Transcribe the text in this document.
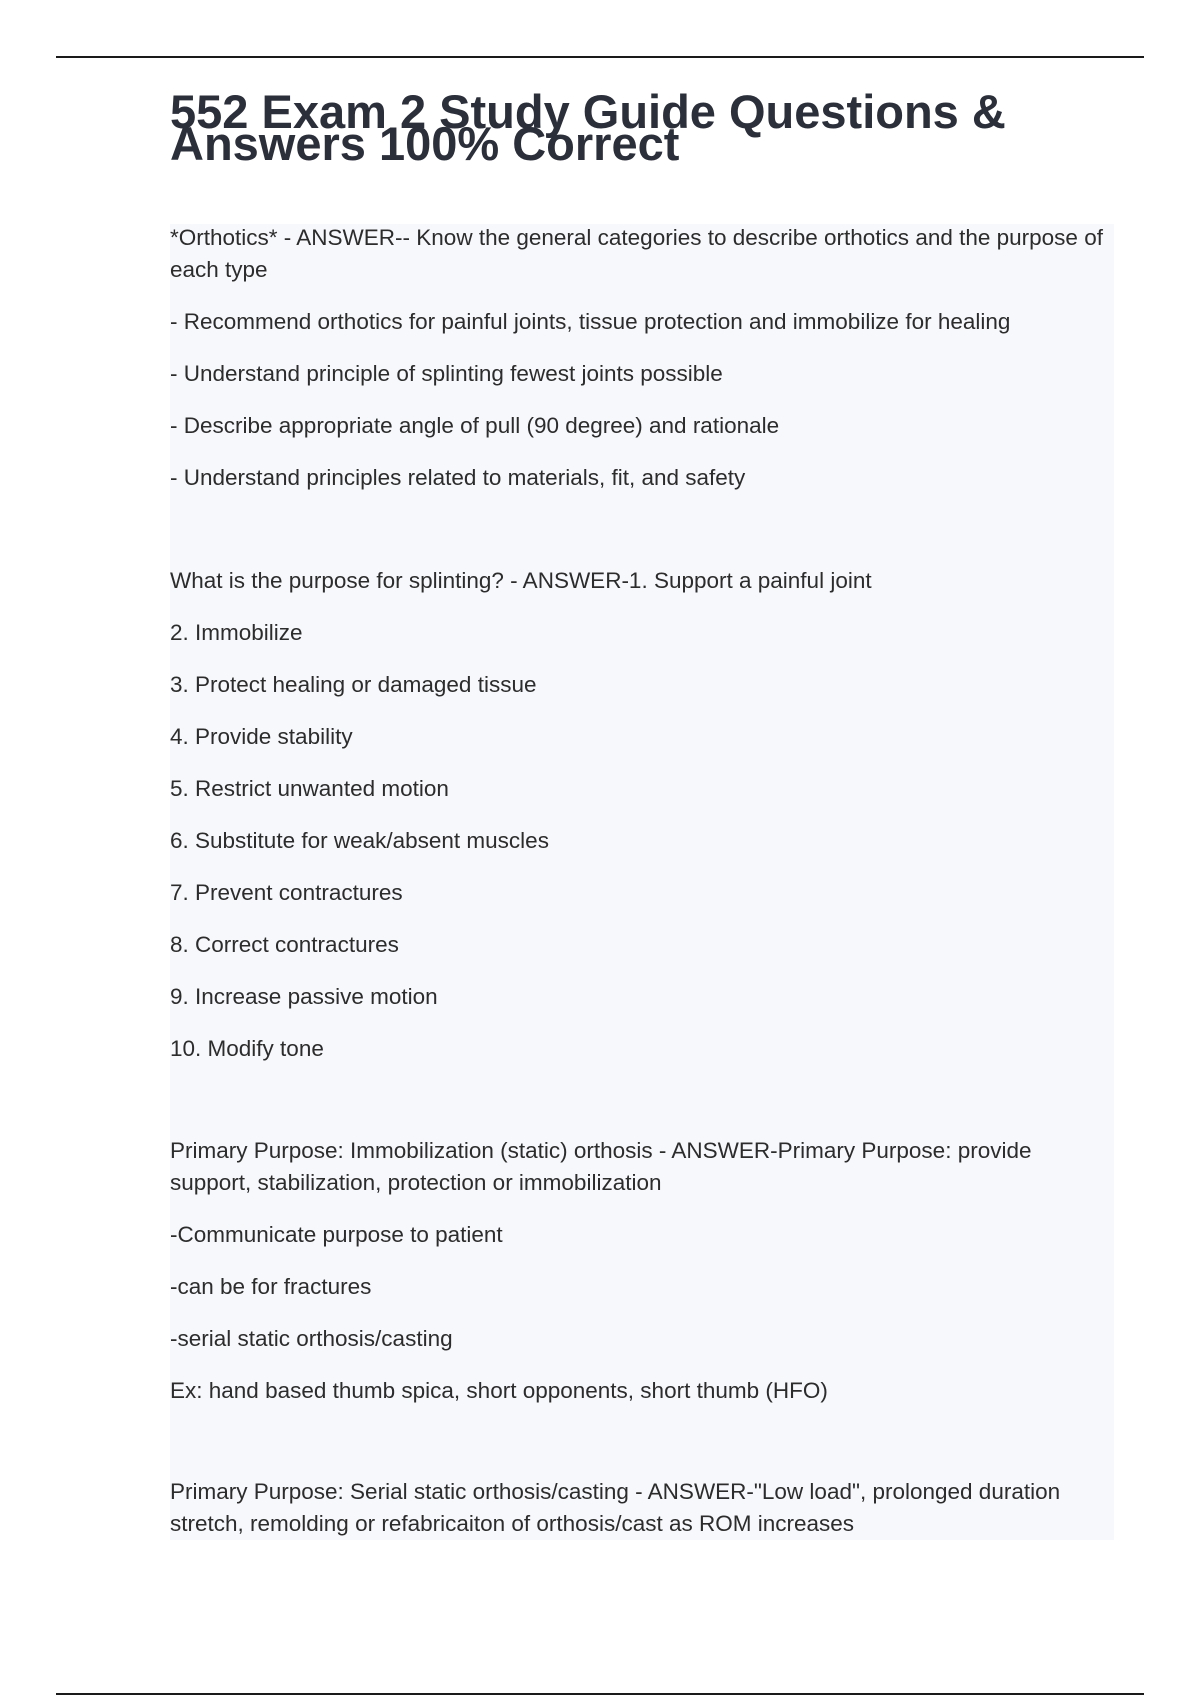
552 Exam 2 Study Guide Questions & Answers 100% Correct

*Orthotics* - ANSWER-- Know the general categories to describe orthotics and the purpose of each type

- Recommend orthotics for painful joints, tissue protection and immobilize for healing

- Understand principle of splinting fewest joints possible

- Describe appropriate angle of pull (90 degree) and rationale

- Understand principles related to materials, fit, and safety

What is the purpose for splinting? - ANSWER-1. Support a painful joint

2. Immobilize

3. Protect healing or damaged tissue

4. Provide stability

5. Restrict unwanted motion

6. Substitute for weak/absent muscles

7. Prevent contractures

8. Correct contractures

9. Increase passive motion

10. Modify tone

Primary Purpose: Immobilization (static) orthosis - ANSWER-Primary Purpose: provide support, stabilization, protection or immobilization

-Communicate purpose to patient

-can be for fractures

-serial static orthosis/casting

Ex: hand based thumb spica, short opponents, short thumb (HFO)

Primary Purpose: Serial static orthosis/casting - ANSWER-"Low load", prolonged duration stretch, remolding or refabricaiton of orthosis/cast as ROM increases
